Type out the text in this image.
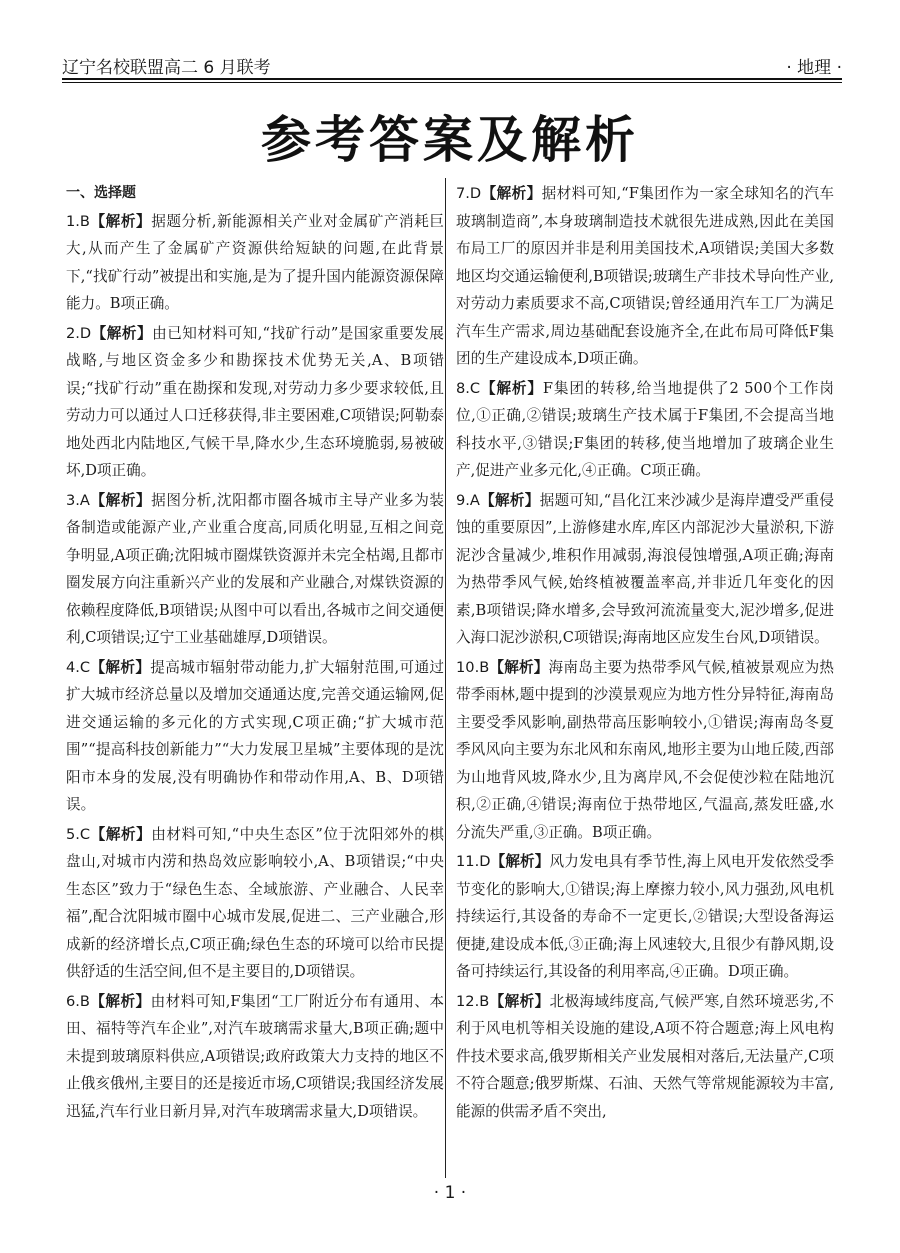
辽宁名校联盟高二 6 月联考	· 地理 ·
参考答案及解析
一、选择题
1.B【解析】据题分析,新能源相关产业对金属矿产消耗巨大,从而产生了金属矿产资源供给短缺的问题,在此背景下,“找矿行动”被提出和实施,是为了提升国内能源资源保障能力。B项正确。
2.D【解析】由已知材料可知,“找矿行动”是国家重要发展战略,与地区资金多少和勘探技术优势无关,A、B项错误;“找矿行动”重在勘探和发现,对劳动力多少要求较低,且劳动力可以通过人口迁移获得,非主要困难,C项错误;阿勒泰地处西北内陆地区,气候干旱,降水少,生态环境脆弱,易被破坏,D项正确。
3.A【解析】据图分析,沈阳都市圈各城市主导产业多为装备制造或能源产业,产业重合度高,同质化明显,互相之间竞争明显,A项正确;沈阳城市圈煤铁资源并未完全枯竭,且都市圈发展方向注重新兴产业的发展和产业融合,对煤铁资源的依赖程度降低,B项错误;从图中可以看出,各城市之间交通便利,C项错误;辽宁工业基础雄厚,D项错误。
4.C【解析】提高城市辐射带动能力,扩大辐射范围,可通过扩大城市经济总量以及增加交通通达度,完善交通运输网,促进交通运输的多元化的方式实现,C项正确;“扩大城市范围”“提高科技创新能力”“大力发展卫星城”主要体现的是沈阳市本身的发展,没有明确协作和带动作用,A、B、D项错误。
5.C【解析】由材料可知,“中央生态区”位于沈阳郊外的棋盘山,对城市内涝和热岛效应影响较小,A、B项错误;“中央生态区”致力于“绿色生态、全域旅游、产业融合、人民幸福”,配合沈阳城市圈中心城市发展,促进二、三产业融合,形成新的经济增长点,C项正确;绿色生态的环境可以给市民提供舒适的生活空间,但不是主要目的,D项错误。
6.B【解析】由材料可知,F集团“工厂附近分布有通用、本田、福特等汽车企业”,对汽车玻璃需求量大,B项正确;题中未提到玻璃原料供应,A项错误;政府政策大力支持的地区不止俄亥俄州,主要目的还是接近市场,C项错误;我国经济发展迅猛,汽车行业日新月异,对汽车玻璃需求量大,D项错误。
7.D【解析】据材料可知,“F集团作为一家全球知名的汽车玻璃制造商”,本身玻璃制造技术就很先进成熟,因此在美国布局工厂的原因并非是利用美国技术,A项错误;美国大多数地区均交通运输便利,B项错误;玻璃生产非技术导向性产业,对劳动力素质要求不高,C项错误;曾经通用汽车工厂为满足汽车生产需求,周边基础配套设施齐全,在此布局可降低F集团的生产建设成本,D项正确。
8.C【解析】F集团的转移,给当地提供了2 500个工作岗位,①正确,②错误;玻璃生产技术属于F集团,不会提高当地科技水平,③错误;F集团的转移,使当地增加了玻璃企业生产,促进产业多元化,④正确。C项正确。
9.A【解析】据题可知,“昌化江来沙减少是海岸遭受严重侵蚀的重要原因”,上游修建水库,库区内部泥沙大量淤积,下游泥沙含量减少,堆积作用减弱,海浪侵蚀增强,A项正确;海南为热带季风气候,始终植被覆盖率高,并非近几年变化的因素,B项错误;降水增多,会导致河流流量变大,泥沙增多,促进入海口泥沙淤积,C项错误;海南地区应发生台风,D项错误。
10.B【解析】海南岛主要为热带季风气候,植被景观应为热带季雨林,题中提到的沙漠景观应为地方性分异特征,海南岛主要受季风影响,副热带高压影响较小,①错误;海南岛冬夏季风风向主要为东北风和东南风,地形主要为山地丘陵,西部为山地背风坡,降水少,且为离岸风,不会促使沙粒在陆地沉积,②正确,④错误;海南位于热带地区,气温高,蒸发旺盛,水分流失严重,③正确。B项正确。
11.D【解析】风力发电具有季节性,海上风电开发依然受季节变化的影响大,①错误;海上摩擦力较小,风力强劲,风电机持续运行,其设备的寿命不一定更长,②错误;大型设备海运便捷,建设成本低,③正确;海上风速较大,且很少有静风期,设备可持续运行,其设备的利用率高,④正确。D项正确。
12.B【解析】北极海域纬度高,气候严寒,自然环境恶劣,不利于风电机等相关设施的建设,A项不符合题意;海上风电构件技术要求高,俄罗斯相关产业发展相对落后,无法量产,C项不符合题意;俄罗斯煤、石油、天然气等常规能源较为丰富,能源的供需矛盾不突出,
· 1 ·
